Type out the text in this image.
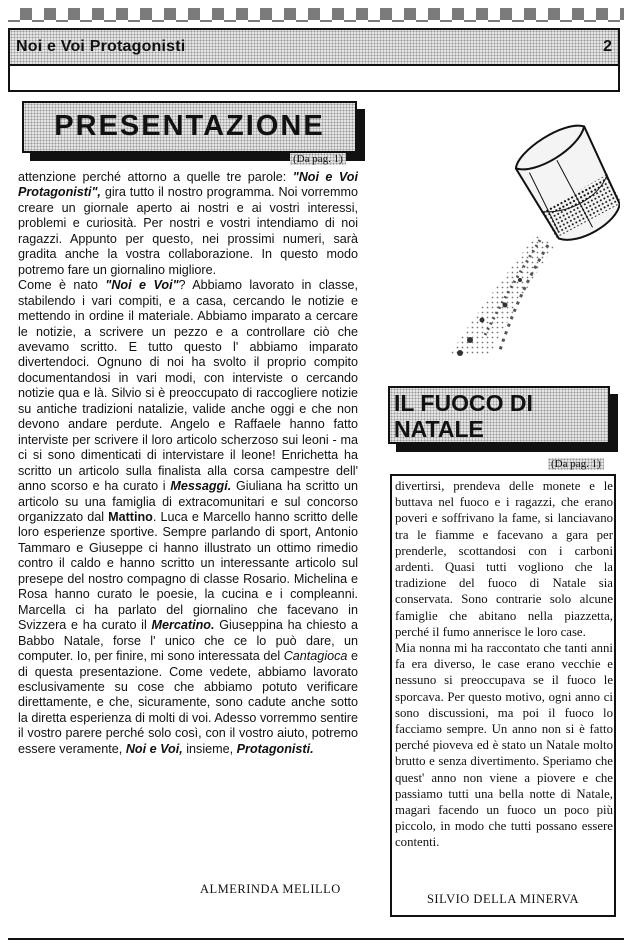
Noi e Voi Protagonisti	2
PRESENTAZIONE
(Da pag. 1)

attenzione perché attorno a quelle tre parole: "Noi e Voi Protagonisti", gira tutto il nostro programma. Noi vorremmo creare un giornale aperto ai nostri e ai vostri interessi, problemi e curiosità. Per nostri e vostri intendiamo di noi ragazzi. Appunto per questo, nei prossimi numeri, sarà gradita anche la vostra collaborazione. In questo modo potremo fare un giornalino migliore.

Come è nato "Noi e Voi"? Abbiamo lavorato in classe, stabilendo i vari compiti, e a casa, cercando le notizie e mettendo in ordine il materiale. Abbiamo imparato a cercare le notizie, a scrivere un pezzo e a controllare ciò che avevamo scritto. E tutto questo l' abbiamo imparato divertendoci. Ognuno di noi ha svolto il proprio compito documentandosi in vari modi, con interviste o cercando notizie qua e là. Silvio si è preoccupato di raccogliere notizie su antiche tradizioni natalizie, valide anche oggi e che non devono andare perdute. Angelo e Raffaele hanno fatto interviste per scrivere il loro articolo scherzoso sui leoni - ma ci si sono dimenticati di intervistare il leone! Enrichetta ha scritto un articolo sulla finalista alla corsa campestre dell' anno scorso e ha curato i Messaggi. Giuliana ha scritto un articolo su una famiglia di extracomunitari e sul concorso organizzato dal Mattino. Luca e Marcello hanno scritto delle loro esperienze sportive. Sempre parlando di sport, Antonio Tammaro e Giuseppe ci hanno illustrato un ottimo rimedio contro il caldo e hanno scritto un interessante articolo sul presepe del nostro compagno di classe Rosario. Michelina e Rosa hanno curato le poesie, la cucina e i compleanni. Marcella ci ha parlato del giornalino che facevano in Svizzera e ha curato il Mercatino. Giuseppina ha chiesto a Babbo Natale, forse l' unico che ce lo può dare, un computer. Io, per finire, mi sono interessata del Cantagioca e di questa presentazione. Come vedete, abbiamo lavorato esclusivamente su cose che abbiamo potuto verificare direttamente, e che, sicuramente, sono cadute anche sotto la diretta esperienza di molti di voi. Adesso vorremmo sentire il vostro parere perché solo così, con il vostro aiuto, potremo essere veramente, Noi e Voi, insieme, Protagonisti.

ALMERINDA MELILLO
IL FUOCO DI
NATALE
(Da pag. 1)

divertirsi, prendeva delle monete e le buttava nel fuoco e i ragazzi, che erano poveri e soffrivano la fame, si lanciavano tra le fiamme e facevano a gara per prenderle, scottandosi con i carboni ardenti. Quasi tutti vogliono che la tradizione del fuoco di Natale sia conservata. Sono contrarie solo alcune famiglie che abitano nella piazzetta, perché il fumo annerisce le loro case.

Mia nonna mi ha raccontato che tanti anni fa era diverso, le case erano vecchie e nessuno si preoccupava se il fuoco le sporcava. Per questo motivo, ogni anno ci sono discussioni, ma poi il fuoco lo facciamo sempre. Un anno non si è fatto perché pioveva ed è stato un Natale molto brutto e senza divertimento. Speriamo che quest' anno non viene a piovere e che passiamo tutti una bella notte di Natale, magari facendo un fuoco un poco più piccolo, in modo che tutti possano essere contenti.

SILVIO DELLA MINERVA
